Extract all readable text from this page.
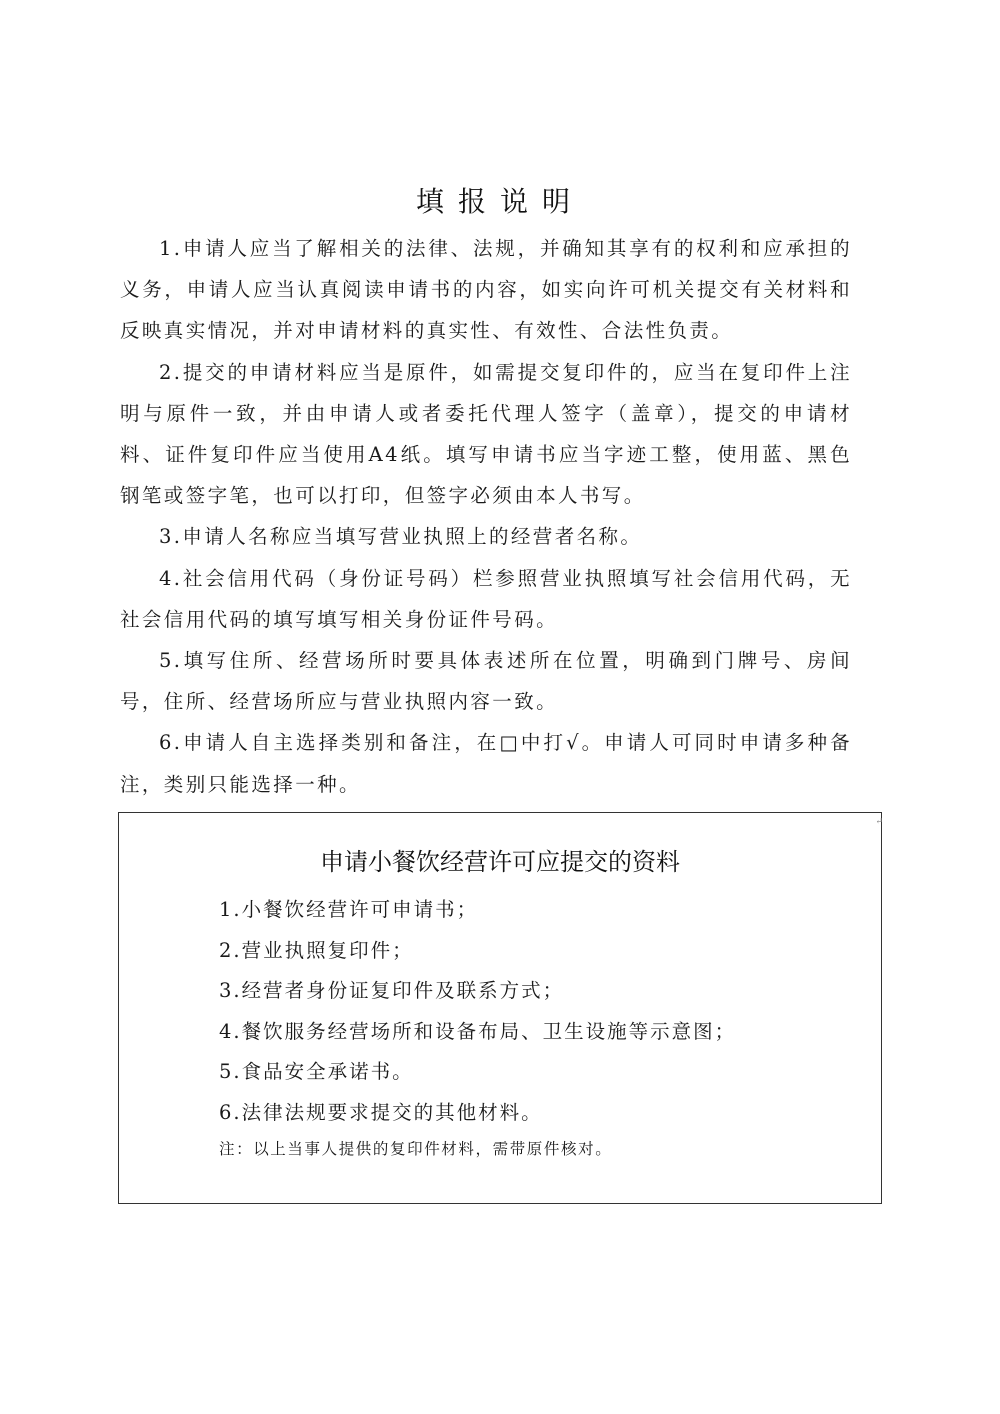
填报说明

1.申请人应当了解相关的法律、法规，并确知其享有的权利和应承担的义务，申请人应当认真阅读申请书的内容，如实向许可机关提交有关材料和反映真实情况，并对申请材料的真实性、有效性、合法性负责。

2.提交的申请材料应当是原件，如需提交复印件的，应当在复印件上注明与原件一致，并由申请人或者委托代理人签字（盖章），提交的申请材料、证件复印件应当使用A4纸。填写申请书应当字迹工整，使用蓝、黑色钢笔或签字笔，也可以打印，但签字必须由本人书写。

3.申请人名称应当填写营业执照上的经营者名称。

4.社会信用代码（身份证号码）栏参照营业执照填写社会信用代码，无社会信用代码的填写填写相关身份证件号码。

5.填写住所、经营场所时要具体表述所在位置，明确到门牌号、房间号，住所、经营场所应与营业执照内容一致。

6.申请人自主选择类别和备注，在□中打√。申请人可同时申请多种备注，类别只能选择一种。

↵
申请小餐饮经营许可应提交的资料
1.小餐饮经营许可申请书；
2.营业执照复印件；
3.经营者身份证复印件及联系方式；
4.餐饮服务经营场所和设备布局、卫生设施等示意图；
5.食品安全承诺书。
6.法律法规要求提交的其他材料。
注：以上当事人提供的复印件材料，需带原件核对。
